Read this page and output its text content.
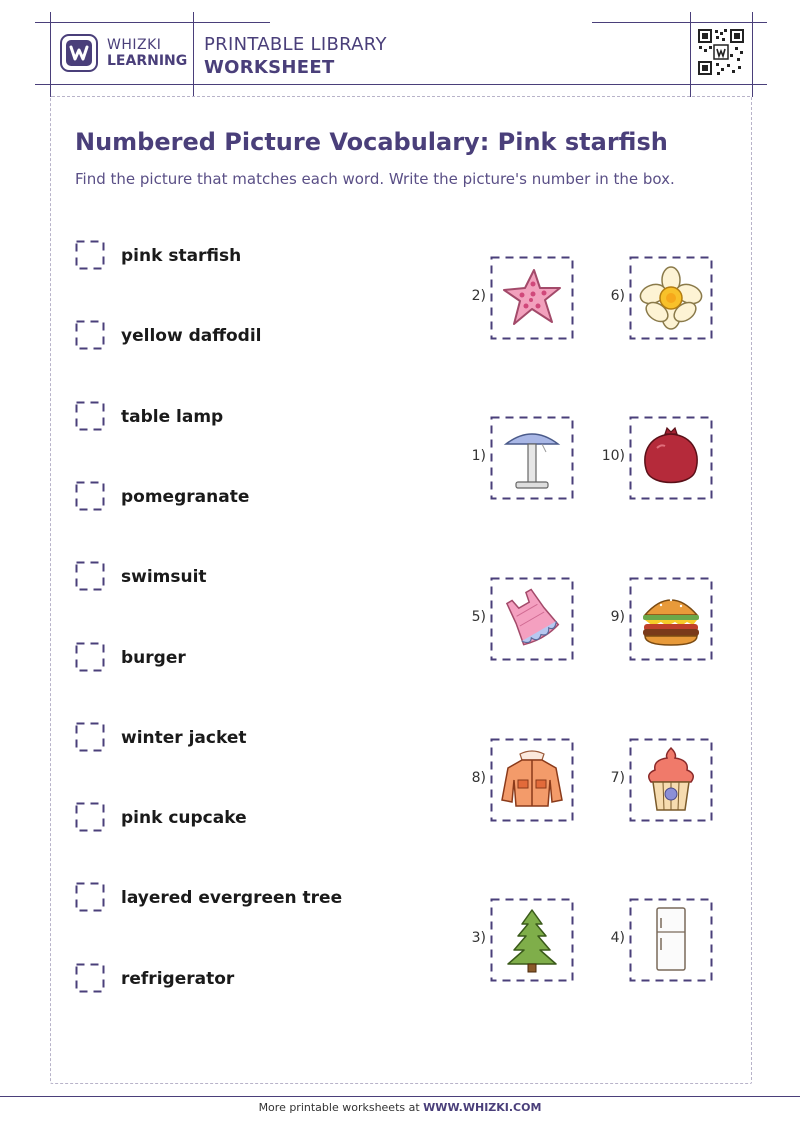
WHIZKI
LEARNING
PRINTABLE LIBRARY
WORKSHEET
Numbered Picture Vocabulary: Pink starfish

Find the picture that matches each word. Write the picture's number in the box.

pink starfish
yellow daffodil
table lamp
pomegranate
swimsuit
burger
winter jacket
pink cupcake
layered evergreen tree
refrigerator
2)	6)
1)	10)
5)	9)
8)	7)
3)	4)
More printable worksheets at WWW.WHIZKI.COM
